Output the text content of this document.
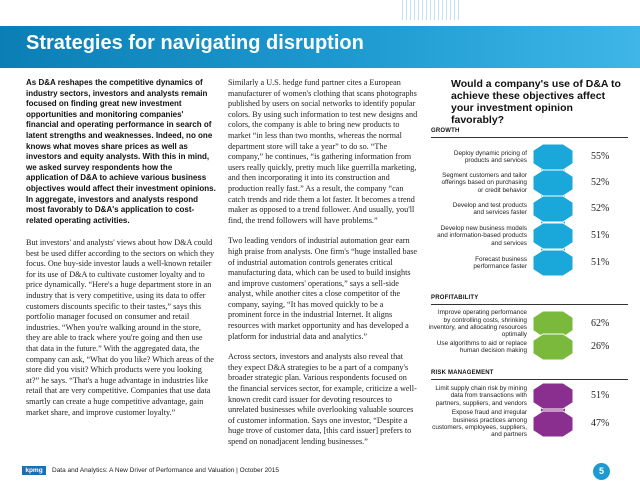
Strategies for navigating disruption
As D&A reshapes the competitive dynamics of industry sectors, investors and analysts remain focused on finding great new investment opportunities and monitoring companies' financial and operating performance in search of latent strengths and weaknesses. Indeed, no one knows what moves share prices as well as investors and equity analysts. With this in mind, we asked survey respondents how the application of D&A to achieve various business objectives would affect their investment opinions. In aggregate, investors and analysts respond most favorably to D&A's application to cost-related operating activities.

But investors' and analysts' views about how D&A could best be used differ according to the sectors on which they focus. One buy-side investor lauds a well-known retailer for its use of D&A to cultivate customer loyalty and to price dynamically. “Here's a huge department store in an industry that is very competitive, using its data to offer customers discounts specific to their tastes,” says this portfolio manager focused on consumer and retail industries. “When you're walking around in the store, they are able to track where you're going and then use that data in the future.” With the aggregated data, the company can ask, “What do you like? Which areas of the store did you visit? Which products were you looking at?” he says. “That's a huge advantage in industries like retail that are very competitive. Companies that use data smartly can create a huge competitive advantage, gain market share, and improve customer loyalty.”

Similarly a U.S. hedge fund partner cites a European manufacturer of women's clothing that scans photographs published by users on social networks to identify popular colors. By using such information to test new designs and colors, the company is able to bring new products to market “in less than two months, whereas the normal department store will take a year” to do so. “The company,” he continues, “is gathering information from users really quickly, pretty much like guerrilla marketing, and then incorporating it into its construction and production really fast.” As a result, the company “can catch trends and ride them a lot faster. It becomes a trend maker as opposed to a trend follower. And usually, you'll find, the trend followers will have problems.”

Two leading vendors of industrial automation gear earn high praise from analysts. One firm's “huge installed base of industrial automation controls generates critical manufacturing data, which can be used to build insights and improve customers' operations,” says a sell-side analyst, while another cites a close competitor of the company, saying, “It has moved quickly to be a prominent force in the industrial Internet. It aligns resources with market opportunity and has developed a platform for industrial data and analytics.”

Across sectors, investors and analysts also reveal that they expect D&A strategies to be a part of a company's broader strategic plan. Various respondents focused on the financial services sector, for example, criticize a well-known credit card issuer for devoting resources to unrelated businesses while overlooking valuable sources of customer information. Says one investor, “Despite a huge trove of customer data, [this card issuer] prefers to spend on nonadjacent lending businesses.”

Would a company's use of D&A to achieve these objectives affect your investment opinion favorably?
GROWTH
PROFITABILITY
RISK MANAGEMENT
Deploy dynamic pricing of
products and services	55%
Segment customers and tailor
offerings based on purchasing
or credit behavior
52%
Develop and test products
and services faster	52%
Develop new business models
and information-based products
and services
51%
Forecast business
performance faster	51%
Improve operating performance
by controlling costs, shrinking
inventory, and allocating resources
optimally
62%
Use algorithms to aid or replace
human decision making	26%
Limit supply chain risk by mining
data from transactions with
partners, suppliers, and vendors
51%
Expose fraud and irregular
business practices among
customers, employees, suppliers,
and partners
47%
kpmg	Data and Analytics: A New Driver of Performance and Valuation | October 2015	5
